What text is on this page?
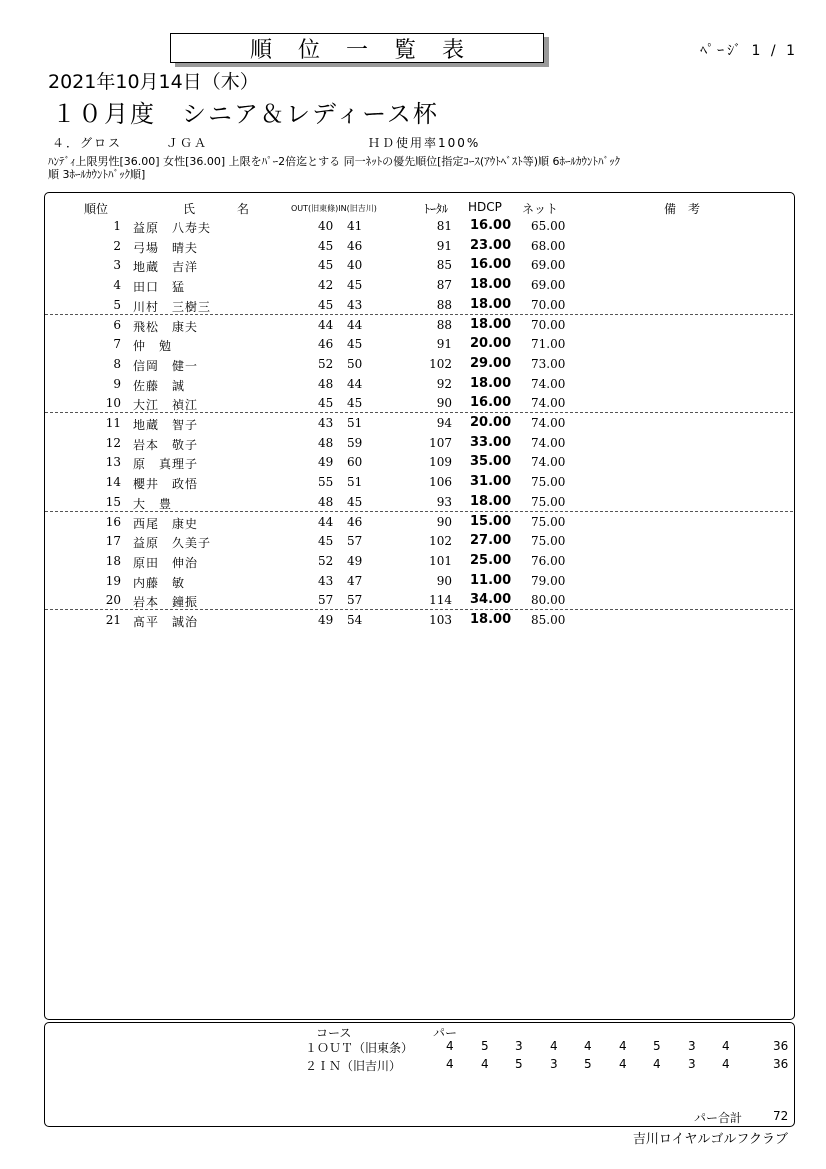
順位一覧表	ﾍﾟｰｼﾞ 1 / 1
2021年10月14日（木）
１０月度　シニア＆レディース杯
４．グロス	ＪＧＡ	ＨＤ使用率100%
ﾊﾝﾃﾞｨ上限男性[36.00] 女性[36.00] 上限をﾊﾟｰ2倍迄とする 同一ﾈｯﾄの優先順位[指定ｺｰｽ(ｱｳﾄﾍﾞｽﾄ等)順 6ﾎｰﾙｶｳﾝﾄﾊﾞｯｸ
順 3ﾎｰﾙｶｳﾝﾄﾊﾞｯｸ順]
順位	氏	名	OUT(旧東條)IN(旧吉川)	ﾄｰﾀﾙ HDCP ネット	備　考
1 益原　八寿夫	40 41	81 16.00 65.00
2 弓場　晴夫	45 46	91 23.00 68.00
3 地蔵　吉洋	45 40	85 16.00 69.00
4 田口　猛	42 45	87 18.00 69.00
5 川村　三樹三	45 43	88 18.00 70.00
6 飛松　康夫	44 44	88 18.00 70.00
7 仲　勉	46 45	91 20.00 71.00
8 信岡　健一	52 50	102 29.00 73.00
9 佐藤　誠	48 44	92 18.00 74.00
10 大江　禎江	45 45	90 16.00 74.00
11 地蔵　智子	43 51	94 20.00 74.00
12 岩本　敬子	48 59	107 33.00 74.00
13 原　真理子	49 60	109 35.00 74.00
14 櫻井　政悟	55 51	106 31.00 75.00
15 大　豊	48 45	93 18.00 75.00
16 西尾　康史	44 46	90 15.00 75.00
17 益原　久美子	45 57	102 27.00 75.00
18 原田　伸治	52 49	101 25.00 76.00
19 内藤　敏	43 47	90 11.00 79.00
20 岩本　鐘振	57 57	114 34.00 80.00
21 髙平　誠治	49 54	103 18.00 85.00
コース	パー
１ＯＵＴ（旧東条）	4 5 3 4 4 4 5 3 4	36
２ＩＮ（旧吉川）	4 4 5 3 5 4 4 3 4	36
パー合計	72
吉川ロイヤルゴルフクラブ
